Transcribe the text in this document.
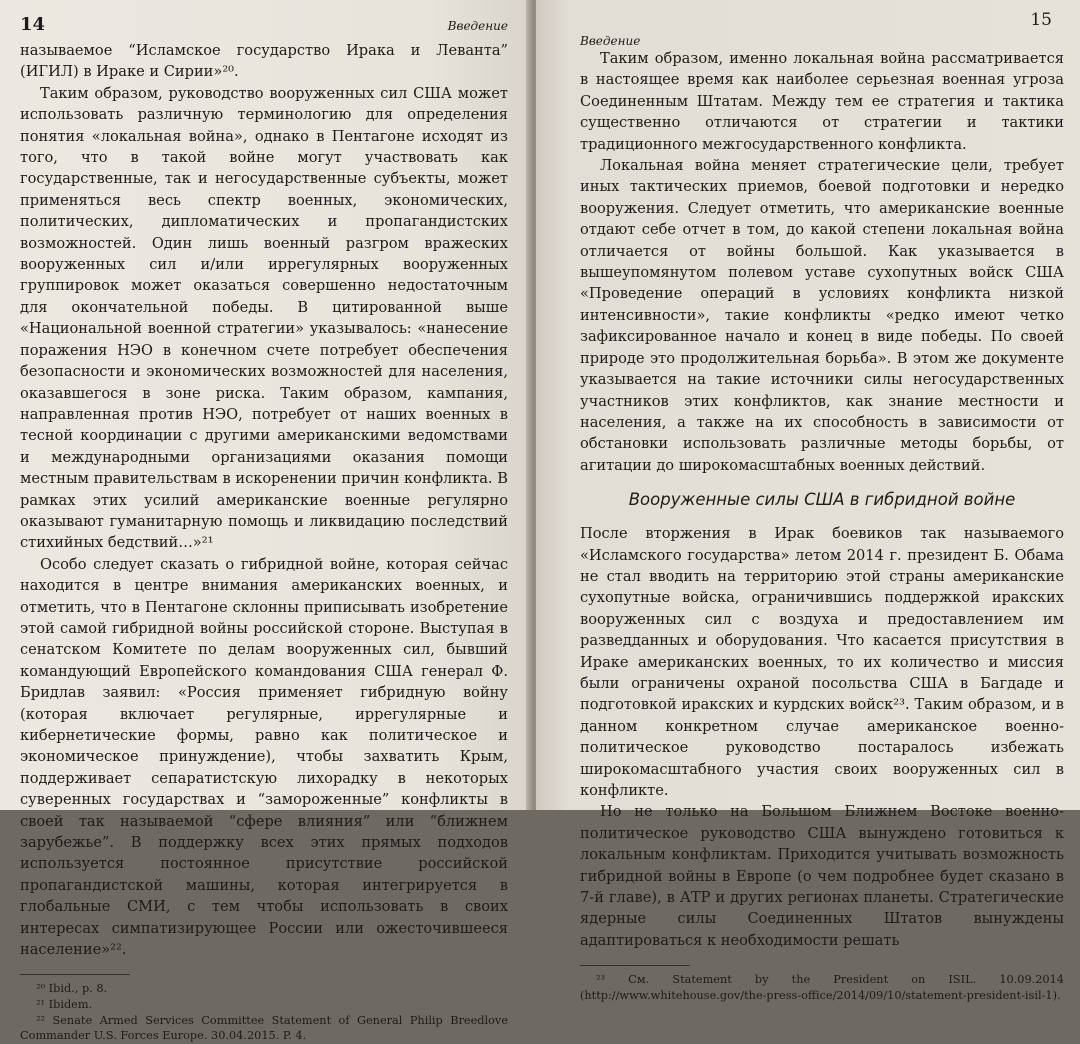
14	Введение

называемое “Исламское государство Ирака и Леванта” (ИГИЛ) в Ираке и Сирии»²⁰.

Таким образом, руководство вооруженных сил США может использовать различную терминологию для определения понятия «локальная война», однако в Пентагоне исходят из того, что в такой войне могут участвовать как государственные, так и негосударственные субъекты, может применяться весь спектр военных, экономических, политических, дипломатических и пропагандистских возможностей. Один лишь военный разгром вражеских вооруженных сил и/или иррегулярных вооруженных группировок может оказаться совершенно недостаточным для окончательной победы. В цитированной выше «Национальной военной стратегии» указывалось: «нанесение поражения НЭО в конечном счете потребует обеспечения безопасности и экономических возможностей для населения, оказавшегося в зоне риска. Таким образом, кампания, направленная против НЭО, потребует от наших военных в тесной координации с другими американскими ведомствами и международными организациями оказания помощи местным правительствам в искоренении причин конфликта. В рамках этих усилий американские военные регулярно оказывают гуманитарную помощь и ликвидацию последствий стихийных бедствий…»²¹

Особо следует сказать о гибридной войне, которая сейчас находится в центре внимания американских военных, и отметить, что в Пентагоне склонны приписывать изобретение этой самой гибридной войны российской стороне. Выступая в сенатском Комитете по делам вооруженных сил, бывший командующий Европейского командования США генерал Ф. Бридлав заявил: «Россия применяет гибридную войну (которая включает регулярные, иррегулярные и кибернетические формы, равно как политическое и экономическое принуждение), чтобы захватить Крым, поддерживает сепаратистскую лихорадку в некоторых суверенных государствах и “замороженные” конфликты в своей так называемой “сфере влияния” или “ближнем зарубежье”. В поддержку всех этих прямых подходов используется постоянное присутствие российской пропагандистской машины, которая интегрируется в глобальные СМИ, с тем чтобы использовать в своих интересах симпатизирующее России или ожесточившееся население»²².

²⁰ Ibid., p. 8.

²¹ Ibidem.

²² Senate Armed Services Committee Statement of General Philip Breedlove Commander U.S. Forces Europe. 30.04.2015. P. 4.

15
Введение

Таким образом, именно локальная война рассматривается в настоящее время как наиболее серьезная военная угроза Соединенным Штатам. Между тем ее стратегия и тактика существенно отличаются от стратегии и тактики традиционного межгосударственного конфликта.

Локальная война меняет стратегические цели, требует иных тактических приемов, боевой подготовки и нередко вооружения. Следует отметить, что американские военные отдают себе отчет в том, до какой степени локальная война отличается от войны большой. Как указывается в вышеупомянутом полевом уставе сухопутных войск США «Проведение операций в условиях конфликта низкой интенсивности», такие конфликты «редко имеют четко зафиксированное начало и конец в виде победы. По своей природе это продолжительная борьба». В этом же документе указывается на такие источники силы негосударственных участников этих конфликтов, как знание местности и населения, а также на их способность в зависимости от обстановки использовать различные методы борьбы, от агитации до широкомасштабных военных действий.

Вооруженные силы США в гибридной войне

После вторжения в Ирак боевиков так называемого «Исламского государства» летом 2014 г. президент Б. Обама не стал вводить на территорию этой страны американские сухопутные войска, ограничившись поддержкой иракских вооруженных сил с воздуха и предоставлением им разведданных и оборудования. Что касается присутствия в Ираке американских военных, то их количество и миссия были ограничены охраной посольства США в Багдаде и подготовкой иракских и курдских войск²³. Таким образом, и в данном конкретном случае американское военно-политическое руководство постаралось избежать широкомасштабного участия своих вооруженных сил в конфликте.

Но не только на Большом Ближнем Востоке военно-политическое руководство США вынуждено готовиться к локальным конфликтам. Приходится учитывать возможность гибридной войны в Европе (о чем подробнее будет сказано в 7-й главе), в АТР и других регионах планеты. Стратегические ядерные силы Соединенных Штатов вынуждены адаптироваться к необходимости решать

²³ См. Statement by the President on ISIL. 10.09.2014 (http://www.whitehouse.gov/the-press-office/2014/09/10/statement-president-isil-1).
